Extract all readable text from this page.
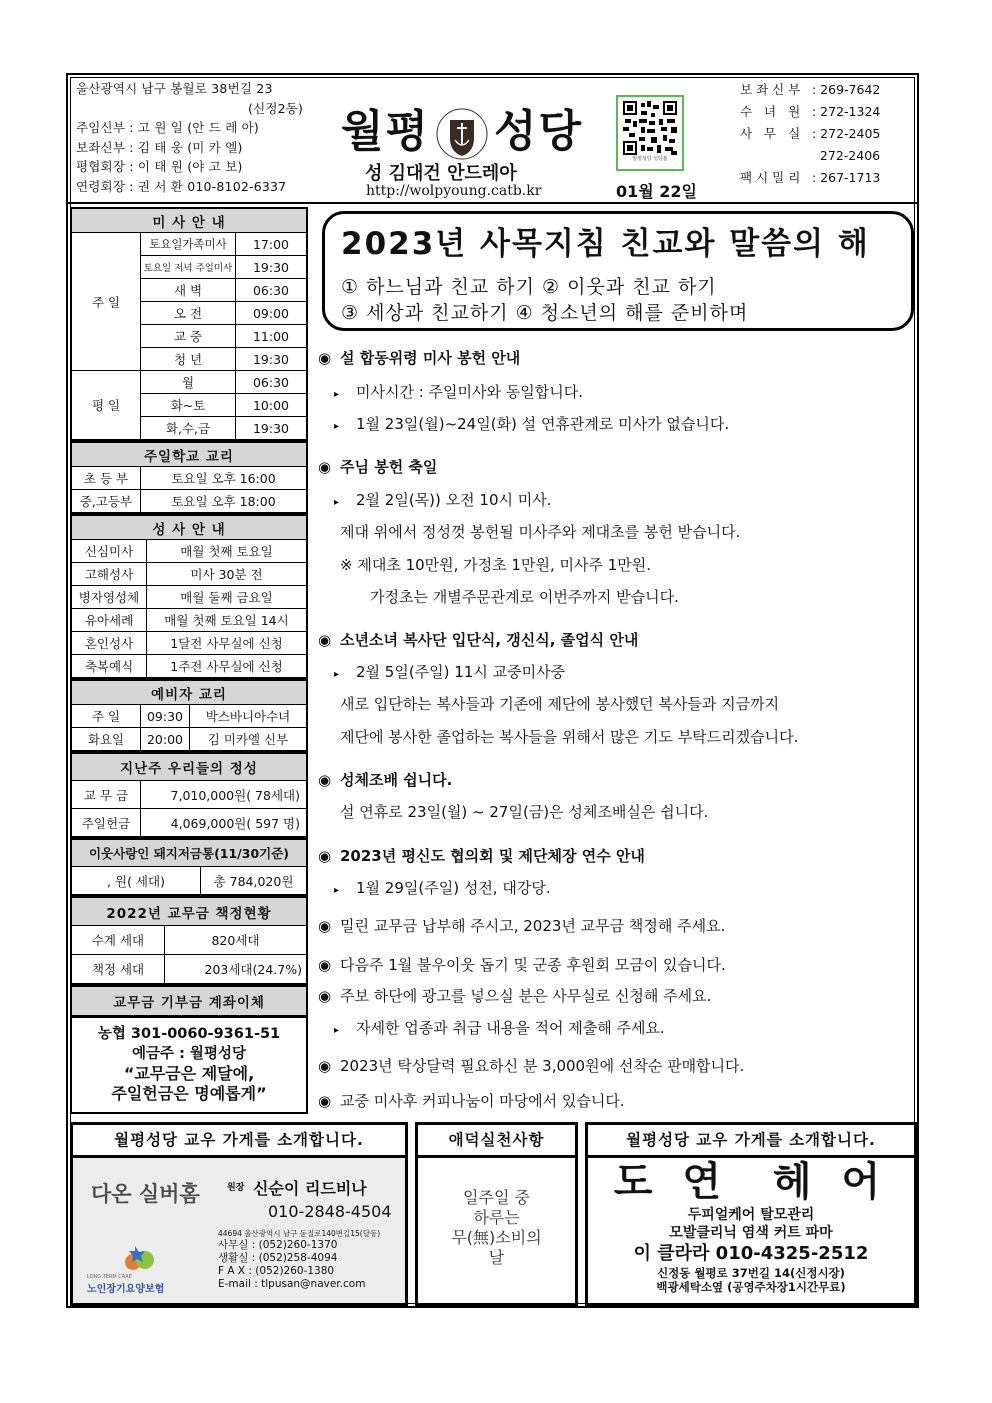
울산광역시 남구 봉월로 38번길 23
(신정2동)
주임신부 : 고 원 일 (안 드 레 아)
보좌신부 : 김 태 웅 (미 카 엘)
평협회장 : 이 태 원 (야 고 보)
연령회장 : 권 서 환 010-8102-6337
월평 성당
성 김대건 안드레아
http://wolpyoung.catb.kr
월평성당 성당홈
01월 22일
보좌신부 : 269-7642
수 녀 원 : 272-1324
사 무 실 : 272-2405
272-2406
팩시밀리 : 267-1713
미 사 안 내		
주 일	토요일가족미사	17:00
	토요일 저녁 주일미사	19:30
	새 벽	06:30
	오 전	09:00
	교 중	11:00
	청 년	19:30
평 일	월	06:30
	화~토	10:00
	화,수,금	19:30
주일학교 교리	
초 등 부	토요일 오후 16:00
중,고등부	토요일 오후 18:00
성 사 안 내	
신심미사	매월 첫째 토요일
고해성사	미사 30분 전
병자영성체	매월 둘째 금요일
유아세례	매월 첫째 토요일 14시
혼인성사	1달전 사무실에 신청
축복예식	1주전 사무실에 신청
예비자 교리		
주 일	09:30	박스바니아수녀
화요일	20:00	김 미카엘 신부
지난주 우리들의 정성	
교 무 금	7,010,000원( 78세대)
주일헌금	4,069,000원( 597 명)
이웃사랑인 돼지저금통(11/30기준)
, 원( 세대)	총 784,020원
2022년 교무금 책정현황	
수계 세대	820세대
책정 세대	203세대(24.7%)
교무금 기부금 계좌이체
농협 301-0060-9361-51
예금주 : 월평성당
“교무금은 제달에,
주일헌금은 명예롭게”
2023년 사목지침 친교와 말씀의 해
① 하느님과 친교 하기 ② 이웃과 친교 하기
③ 세상과 친교하기 ④ 청소년의 해를 준비하며
◉ 설 합동위령 미사 봉헌 안내
▸ 미사시간 : 주일미사와 동일합니다.
▸ 1월 23일(월)~24일(화) 설 연휴관계로 미사가 없습니다.
◉ 주님 봉헌 축일
▸ 2월 2일(목)) 오전 10시 미사.
제대 위에서 정성껏 봉헌될 미사주와 제대초를 봉헌 받습니다.
※ 제대초 10만원, 가정초 1만원, 미사주 1만원.
가정초는 개별주문관계로 이번주까지 받습니다.
◉ 소년소녀 복사단 입단식, 갱신식, 졸업식 안내
▸ 2월 5일(주일) 11시 교중미사중
새로 입단하는 복사들과 기존에 제단에 봉사했던 복사들과 지금까지
제단에 봉사한 졸업하는 복사들을 위해서 많은 기도 부탁드리겠습니다.
◉ 성체조배 쉽니다.
설 연휴로 23일(월) ~ 27일(금)은 성체조배실은 쉽니다.
◉ 2023년 평신도 협의회 및 제단체장 연수 안내
▸ 1월 29일(주일) 성전, 대강당.
◉ 밀린 교무금 납부해 주시고, 2023년 교무금 책정해 주세요.
◉ 다음주 1월 불우이웃 돕기 및 군종 후원회 모금이 있습니다.
◉ 주보 하단에 광고를 넣으실 분은 사무실로 신청해 주세요.
▸ 자세한 업종과 취급 내용을 적어 제출해 주세요.
◉ 2023년 탁상달력 필요하신 분 3,000원에 선착순 판매합니다.
◉ 교중 미사후 커피나눔이 마당에서 있습니다.
월평성당 교우 가게를 소개합니다.
다온 실버홈	원장 신순이 리드비나
010-2848-4504
44694 울산광역시 남구 돋질로140번길15(달동)
사무실 : (052)260-1370
생활실 : (052)258-4094
F A X : (052)260-1380
E-mail : tlpusan@naver.com
LONG TERM CARE
노인장기요양보험
애덕실천사항
일주일 중
하루는
무(無)소비의
날
월평성당 교우 가게를 소개합니다.
도 연  헤 어
두피얼케어 탈모관리
모발클리닉 염색 커트 파마
이 클라라 010-4325-2512
신정동 월평로 37번길 14(신정시장)
백광세탁소옆 (공영주차장1시간무료)
